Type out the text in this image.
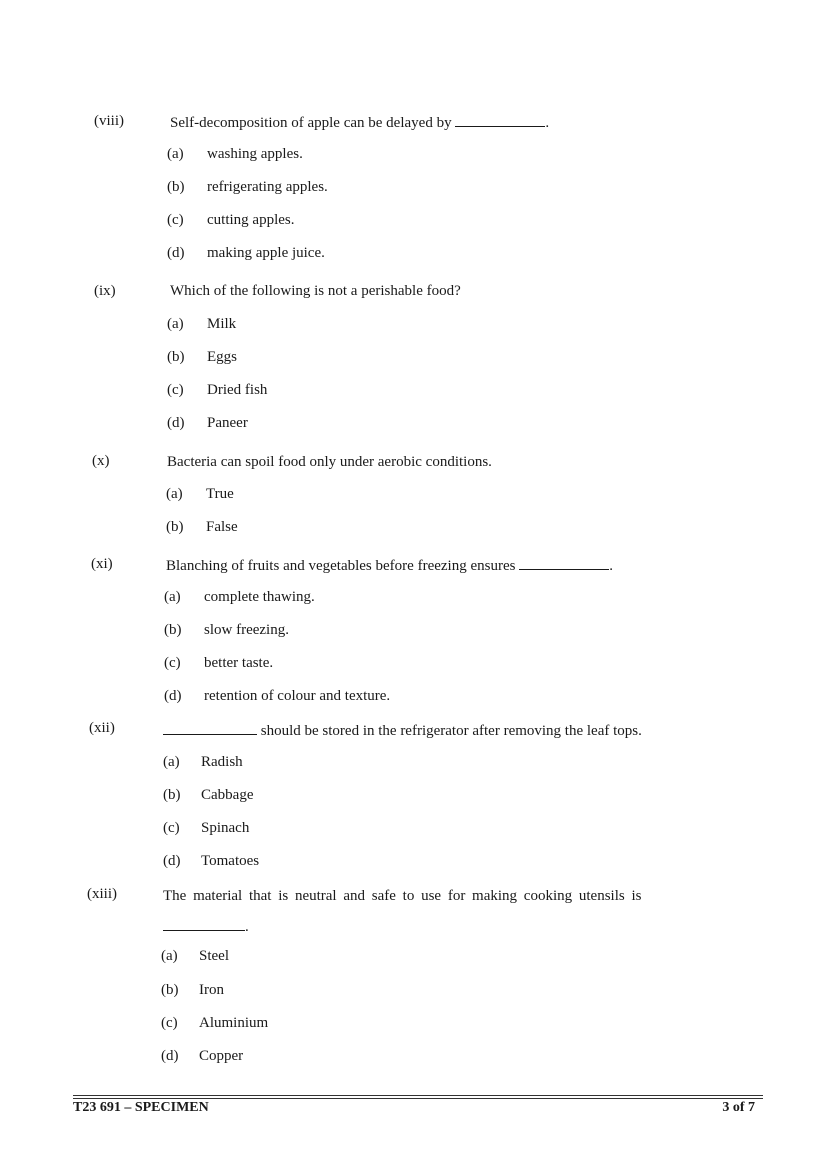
(viii)	Self-decomposition of apple can be delayed by	.
(a) washing apples.
(b) refrigerating apples.
(c) cutting apples.
(d) making apple juice.
(ix)	Which of the following is not a perishable food?
(a) Milk
(b) Eggs
(c) Dried fish
(d) Paneer
(x)	Bacteria can spoil food only under aerobic conditions.
(a) True
(b) False
(xi)	Blanching of fruits and vegetables before freezing ensures	.
(a) complete thawing.
(b) slow freezing.
(c) better taste.
(d) retention of colour and texture.
(xii)	should be stored in the refrigerator after removing the leaf tops.
(a) Radish
(b) Cabbage
(c) Spinach
(d) Tomatoes
(xiii)	The material that is neutral and safe to use for making cooking utensils is
.
(a) Steel
(b) Iron
(c) Aluminium
(d) Copper
T23 691 – SPECIMEN	3 of 7
